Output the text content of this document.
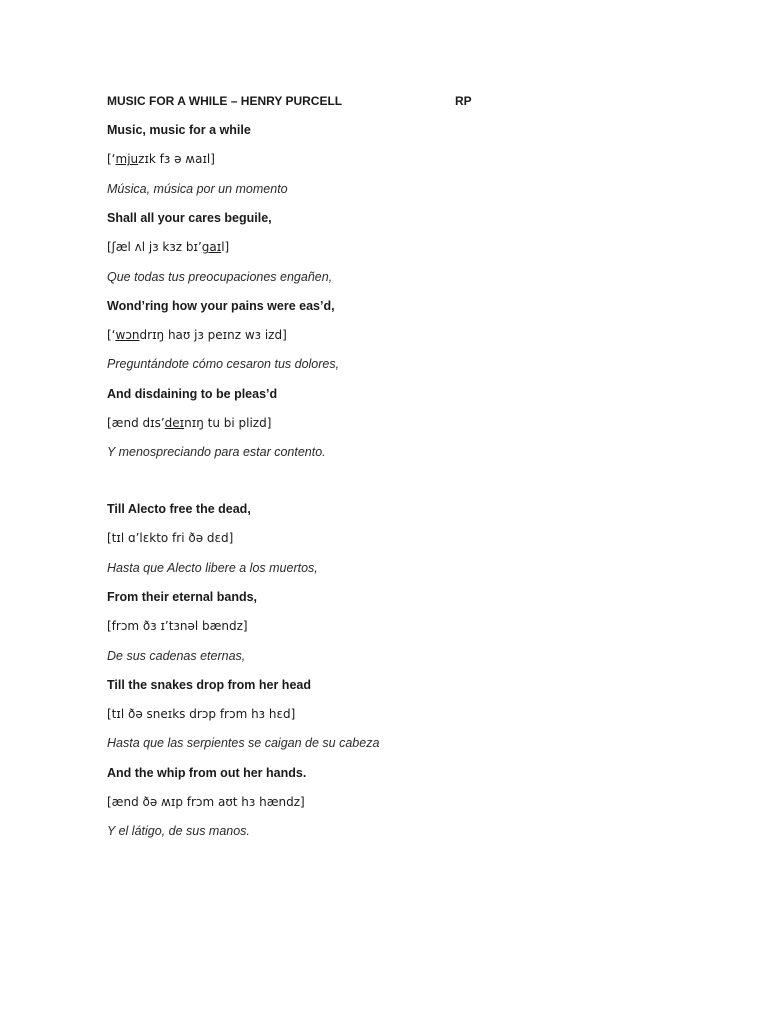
MUSIC FOR A WHILE – HENRY PURCELL	RP
Music, music for a while
[‘mjuzɪk fɜ ə ʍaɪl]
Música, música por un momento
Shall all your cares beguile,
[ʃæl ʌl jɜ kɜz bɪ’gaɪl]
Que todas tus preocupaciones engañen,
Wond’ring how your pains were eas’d,
[‘wɔndrɪŋ haʊ jɜ peɪnz wɜ izd]
Preguntándote cómo cesaron tus dolores,
And disdaining to be pleas’d
[ænd dɪs’deɪnɪŋ tu bi plizd]
Y menospreciando para estar contento.
Till Alecto free the dead,
[tɪl ɑ’lɛkto fri ðə dɛd]
Hasta que Alecto libere a los muertos,
From their eternal bands,
[frɔm ðɜ ɪ’tɜnəl bændz]
De sus cadenas eternas,
Till the snakes drop from her head
[tɪl ðə sneɪks drɔp frɔm hɜ hɛd]
Hasta que las serpientes se caigan de su cabeza
And the whip from out her hands.
[ænd ðə ʍɪp frɔm aʊt hɜ hændz]
Y el látigo, de sus manos.
